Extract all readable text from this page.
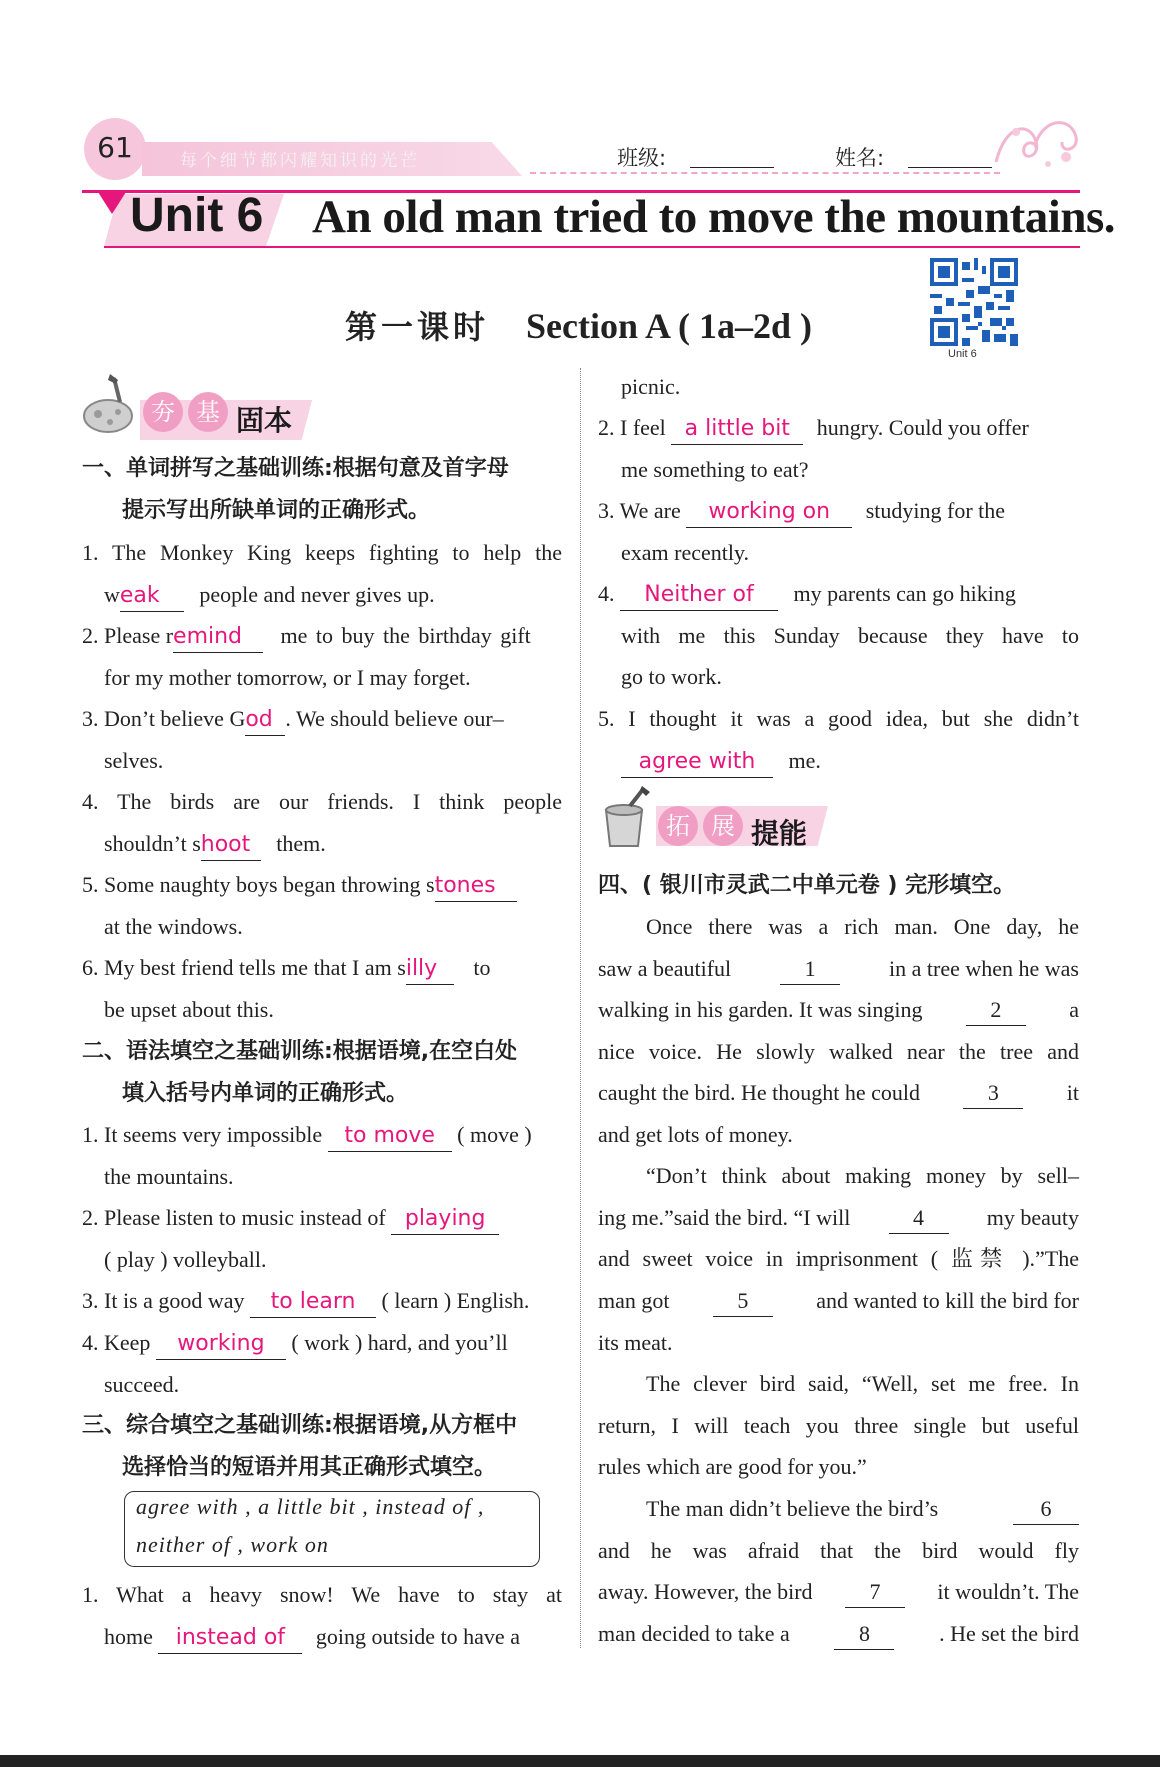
61	每个细节都闪耀知识的光芒	班级:	姓名:
Unit 6 An old man tried to move the mountains.
Unit 6
第一课时 Section A ( 1a–2d )
夯 基 固本
一、单词拼写之基础训练:根据句意及首字母
提示写出所缺单词的正确形式。
1. The Monkey King keeps fighting to help the
weak people and never gives up.
2. Please remind me to buy the birthday gift
for my mother tomorrow, or I may forget.
3. Don’t believe God . We should believe our–
selves.
4. The birds are our friends. I think people
shouldn’t shoot them.
5. Some naughty boys began throwing stones
at the windows.
6. My best friend tells me that I am silly to
be upset about this.
二、语法填空之基础训练:根据语境,在空白处
填入括号内单词的正确形式。
1. It seems very impossible to move ( move )
the mountains.
2. Please listen to music instead of playing
( play ) volleyball.
3. It is a good way to learn ( learn ) English.
4. Keep working ( work ) hard, and you’ll
succeed.
三、综合填空之基础训练:根据语境,从方框中
选择恰当的短语并用其正确形式填空。
agree with , a little bit , instead of ,
neither of , work on
1. What a heavy snow! We have to stay at
home instead of going outside to have a
picnic.
2. I feel a little bit hungry. Could you offer
me something to eat?
3. We are working on studying for the
exam recently.
4. Neither of my parents can go hiking
with me this Sunday because they have to
go to work.
5. I thought it was a good idea, but she didn’t
agree with me.
拓 展 提能
四、( 银川市灵武二中单元卷 ) 完形填空。
Once there was a rich man. One day, he
saw a beautiful	1	in a tree when he was
walking in his garden. It was singing	2	a
nice voice. He slowly walked near the tree and
caught the bird. He thought he could	3	it
and get lots of money.
“Don’t think about making money by sell–
ing me.”said the bird. “I will	4	my beauty
and sweet voice in imprisonment ( 监禁 ).”The
man got	5	and wanted to kill the bird for
its meat.
The clever bird said, “Well, set me free. In
return, I will teach you three single but useful
rules which are good for you.”
The man didn’t believe the bird’s	6
and he was afraid that the bird would fly
away. However, the bird	7	it wouldn’t. The
man decided to take a	8	. He set the bird
